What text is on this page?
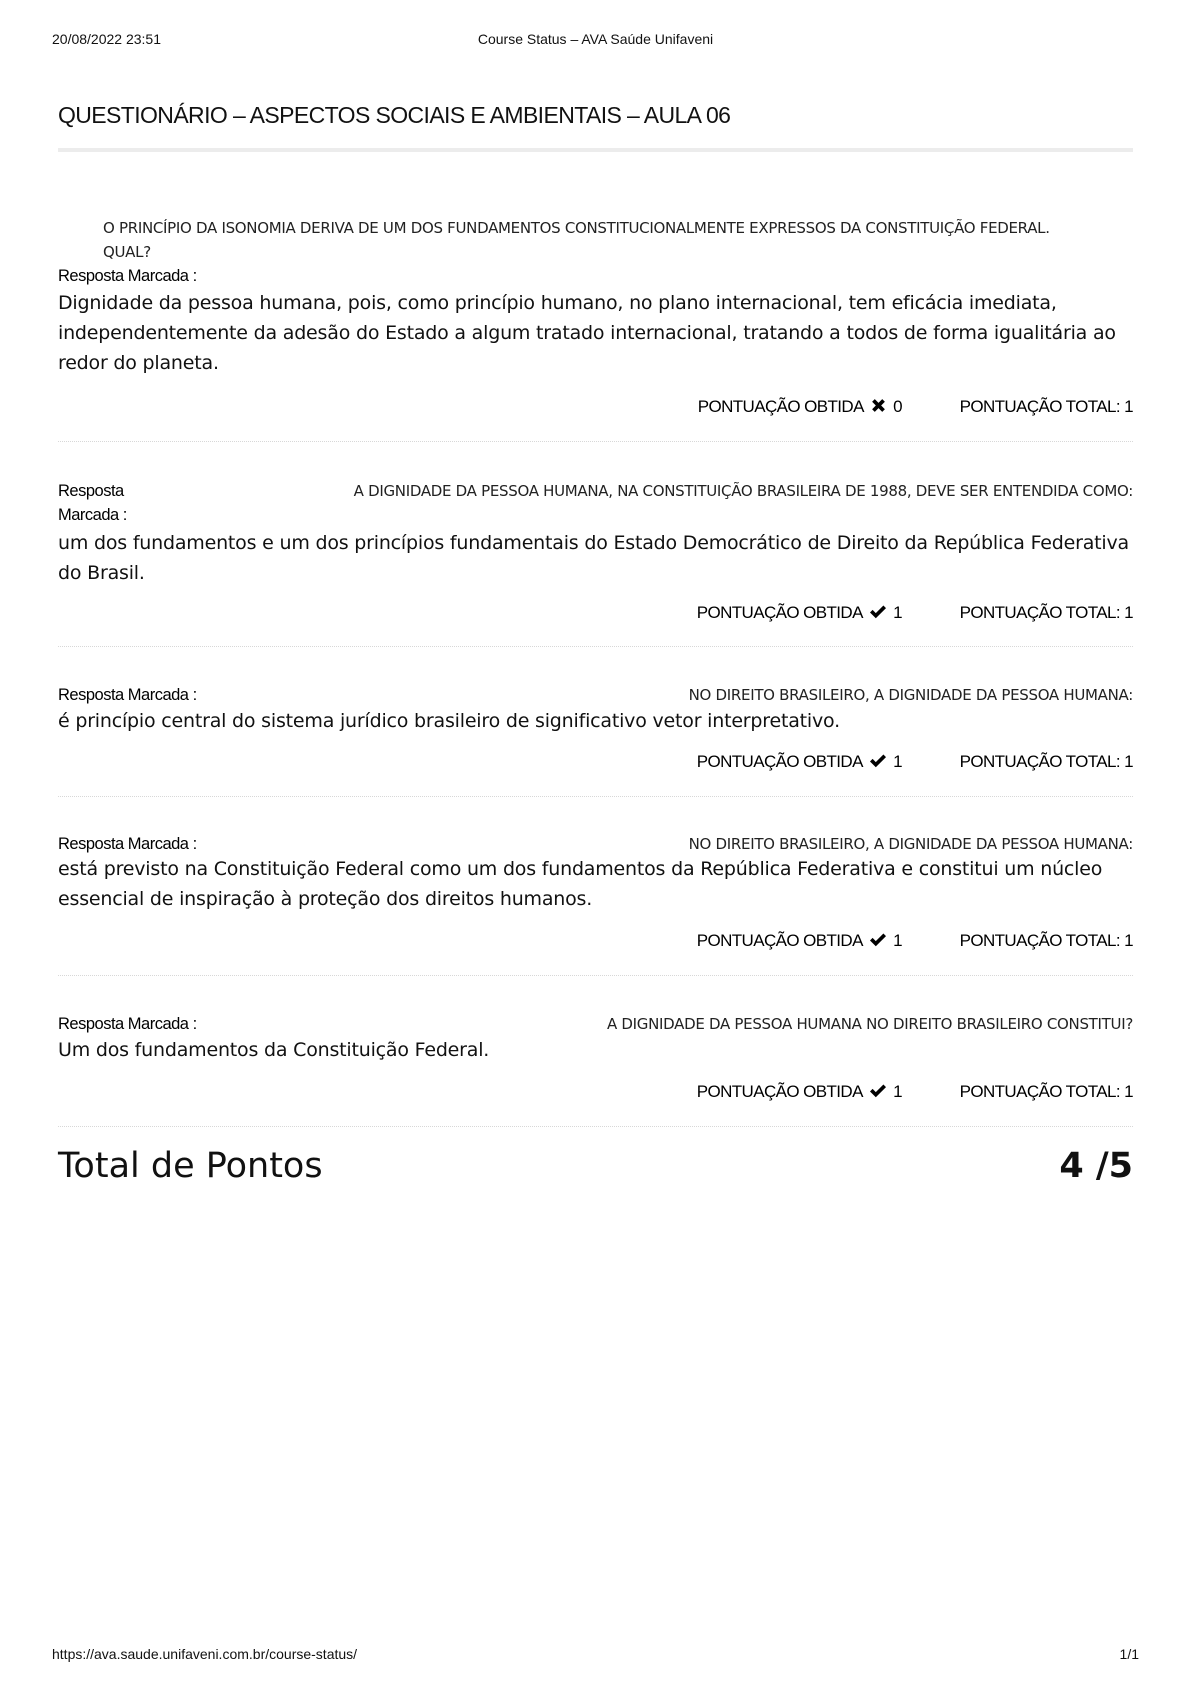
20/08/2022 23:51	Course Status – AVA Saúde Unifaveni
QUESTIONÁRIO – ASPECTOS SOCIAIS E AMBIENTAIS – AULA 06
O PRINCÍPIO DA ISONOMIA DERIVA DE UM DOS FUNDAMENTOS CONSTITUCIONALMENTE EXPRESSOS DA CONSTITUIÇÃO FEDERAL. QUAL?
Resposta Marcada :
Dignidade da pessoa humana, pois, como princípio humano, no plano internacional, tem eficácia imediata, independentemente da adesão do Estado a algum tratado internacional, tratando a todos de forma igualitária ao redor do planeta.
PONTUAÇÃO OBTIDA 0	PONTUAÇÃO TOTAL: 1
Resposta
Marcada :
A DIGNIDADE DA PESSOA HUMANA, NA CONSTITUIÇÃO BRASILEIRA DE 1988, DEVE SER ENTENDIDA COMO:
um dos fundamentos e um dos princípios fundamentais do Estado Democrático de Direito da República Federativa do Brasil.
PONTUAÇÃO OBTIDA 1	PONTUAÇÃO TOTAL: 1
Resposta Marcada :	NO DIREITO BRASILEIRO, A DIGNIDADE DA PESSOA HUMANA:
é princípio central do sistema jurídico brasileiro de significativo vetor interpretativo.
PONTUAÇÃO OBTIDA 1	PONTUAÇÃO TOTAL: 1
Resposta Marcada :	NO DIREITO BRASILEIRO, A DIGNIDADE DA PESSOA HUMANA:
está previsto na Constituição Federal como um dos fundamentos da República Federativa e constitui um núcleo essencial de inspiração à proteção dos direitos humanos.
PONTUAÇÃO OBTIDA 1	PONTUAÇÃO TOTAL: 1
Resposta Marcada :	A DIGNIDADE DA PESSOA HUMANA NO DIREITO BRASILEIRO CONSTITUI?
Um dos fundamentos da Constituição Federal.
PONTUAÇÃO OBTIDA 1	PONTUAÇÃO TOTAL: 1
Total de Pontos	4 /5
https://ava.saude.unifaveni.com.br/course-status/	1/1
